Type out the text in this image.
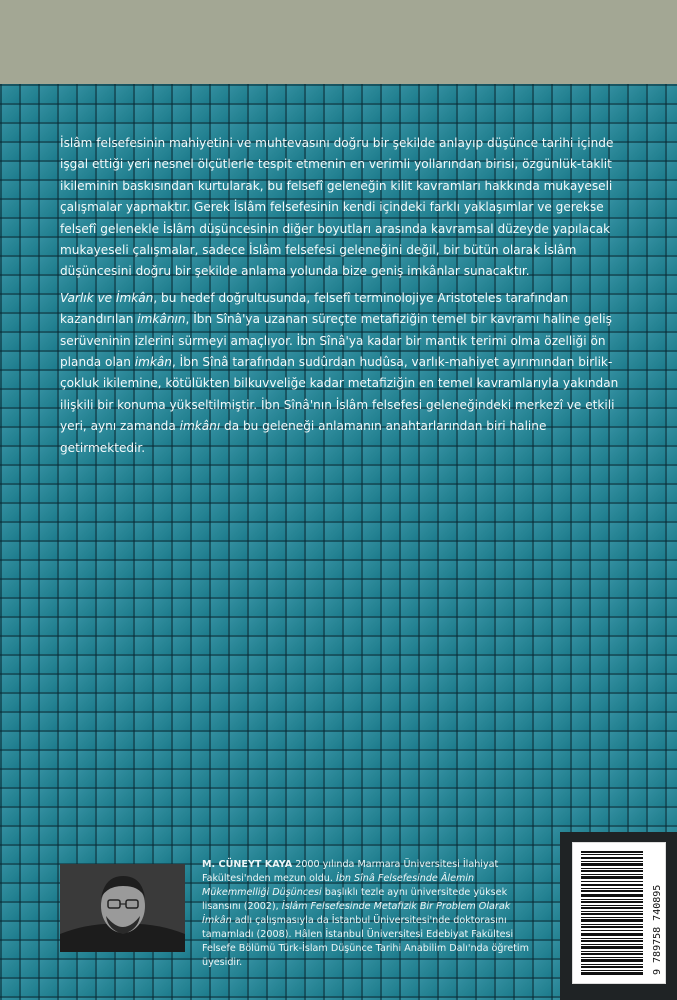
İslâm felsefesinin mahiyetini ve muhtevasını doğru bir şekilde anlayıp düşünce tarihi içinde işgal ettiği yeri nesnel ölçütlerle tespit etmenin en verimli yollarından birisi, özgünlük-taklit ikileminin baskısından kurtularak, bu felsefî geleneğin kilit kavramları hakkında mukayeseli çalışmalar yapmaktır. Gerek İslâm felsefesinin kendi içindeki farklı yaklaşımlar ve gerekse felsefî gelenekle İslâm düşüncesinin diğer boyutları arasında kavramsal düzeyde yapılacak mukayeseli çalışmalar, sadece İslâm felsefesi geleneğini değil, bir bütün olarak İslâm düşüncesini doğru bir şekilde anlama yolunda bize geniş imkânlar sunacaktır.

Varlık ve İmkân, bu hedef doğrultusunda, felsefî terminolojiye Aristoteles tarafından kazandırılan imkânın, İbn Sînâ'ya uzanan süreçte metafiziğin temel bir kavramı haline geliş serüveninin izlerini sürmeyi amaçlıyor. İbn Sînâ'ya kadar bir mantık terimi olma özelliği ön planda olan imkân, İbn Sînâ tarafından sudûrdan hudûsa, varlık-mahiyet ayırımından birlik-çokluk ikilemine, kötülükten bilkuvveliğe kadar metafiziğin en temel kavramlarıyla yakından ilişkili bir konuma yükseltilmiştir. İbn Sînâ'nın İslâm felsefesi geleneğindeki merkezî ve etkili yeri, aynı zamanda imkânı da bu geleneği anlamanın anahtarlarından biri haline getirmektedir.

M. CÜNEYT KAYA 2000 yılında Marmara Üniversitesi İlahiyat Fakültesi'nden mezun oldu. İbn Sînâ Felsefesinde Âlemin Mükemmelliği Düşüncesi başlıklı tezle aynı üniversitede yüksek lisansını (2002), İslâm Felsefesinde Metafizik Bir Problem Olarak İmkân adlı çalışmasıyla da İstanbul Üniversitesi'nde doktorasını tamamladı (2008). Hâlen İstanbul Üniversitesi Edebiyat Fakültesi Felsefe Bölümü Türk-İslam Düşünce Tarihi Anabilim Dalı'nda öğretim üyesidir.	9 789758 740895
